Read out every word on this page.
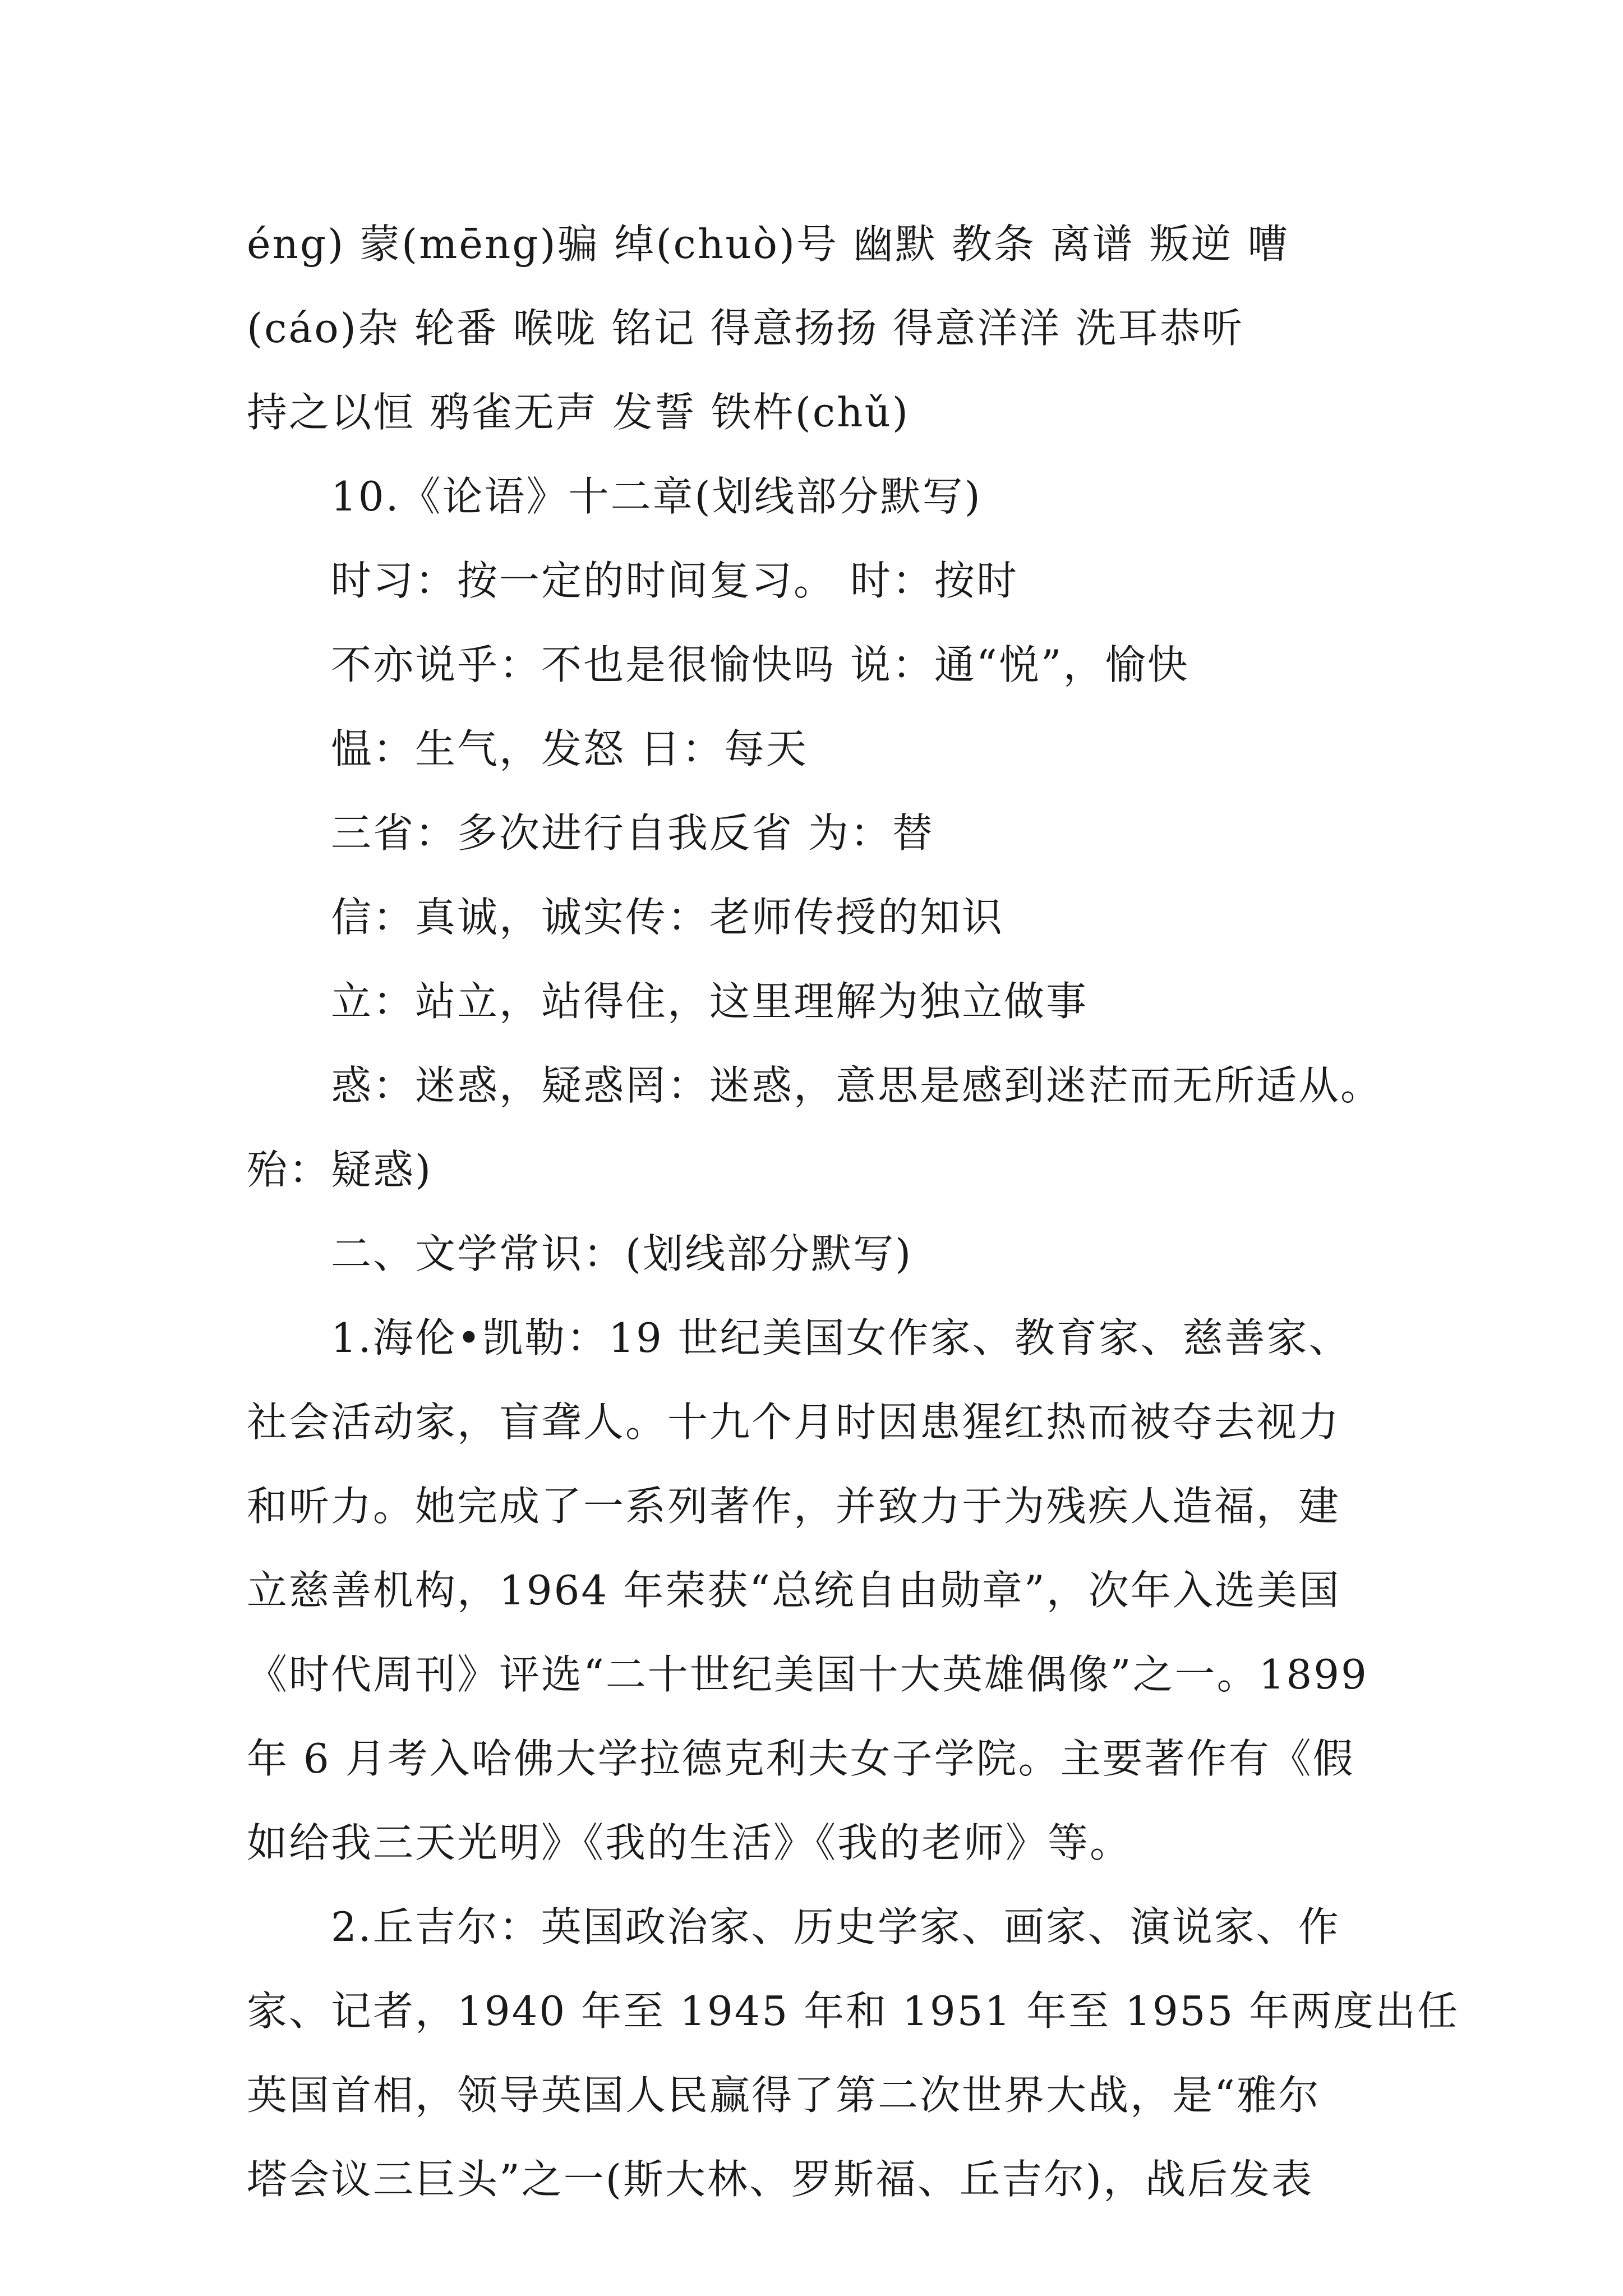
éng) 蒙(mēng)骗 绰(chuò)号 幽默 教条 离谱 叛逆 嘈
(cáo)杂 轮番 喉咙 铭记 得意扬扬 得意洋洋 洗耳恭听
持之以恒 鸦雀无声 发誓 铁杵(chǔ)
10.《论语》十二章(划线部分默写)
时习：按一定的时间复习。 时：按时
不亦说乎：不也是很愉快吗 说：通“悦”，愉快
愠：生气，发怒 日：每天
三省：多次进行自我反省 为：替
信：真诚，诚实传：老师传授的知识
立：站立，站得住，这里理解为独立做事
惑：迷惑，疑惑罔：迷惑，意思是感到迷茫而无所适从。
殆：疑惑)
二、文学常识：(划线部分默写)
1.海伦•凯勒：19 世纪美国女作家、教育家、慈善家、
社会活动家，盲聋人。十九个月时因患猩红热而被夺去视力
和听力。她完成了一系列著作，并致力于为残疾人造福，建
立慈善机构，1964 年荣获“总统自由勋章”，次年入选美国
《时代周刊》评选“二十世纪美国十大英雄偶像”之一。1899
年 6 月考入哈佛大学拉德克利夫女子学院。主要著作有《假
如给我三天光明》《我的生活》《我的老师》等。
2.丘吉尔：英国政治家、历史学家、画家、演说家、作
家、记者，1940 年至 1945 年和 1951 年至 1955 年两度出任
英国首相，领导英国人民赢得了第二次世界大战，是“雅尔
塔会议三巨头”之一(斯大林、罗斯福、丘吉尔)，战后发表
